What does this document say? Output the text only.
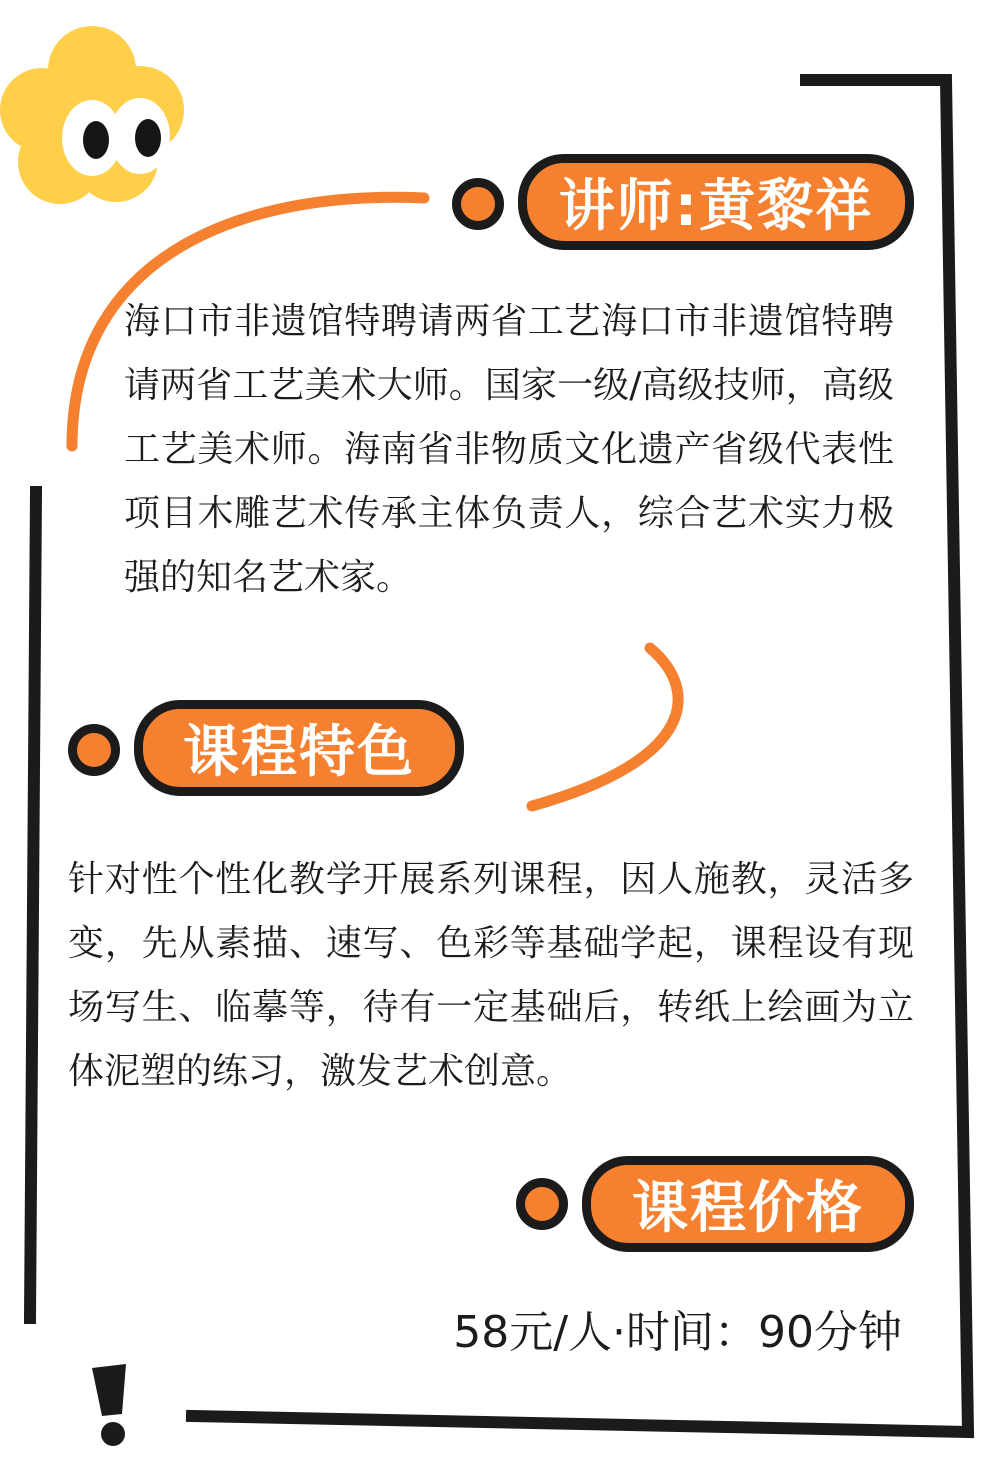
讲师:黄黎祥
海口市非遗馆特聘请两省工艺海口市非遗馆特聘请两省工艺美术大师。国家一级/高级技师，高级工艺美术师。海南省非物质文化遗产省级代表性项目木雕艺术传承主体负责人，综合艺术实力极强的知名艺术家。
课程特色
针对性个性化教学开展系列课程，因人施教，灵活多变，先从素描、速写、色彩等基础学起，课程设有现场写生、临摹等，待有一定基础后，转纸上绘画为立体泥塑的练习，激发艺术创意。
课程价格
58元/人·时间：90分钟
